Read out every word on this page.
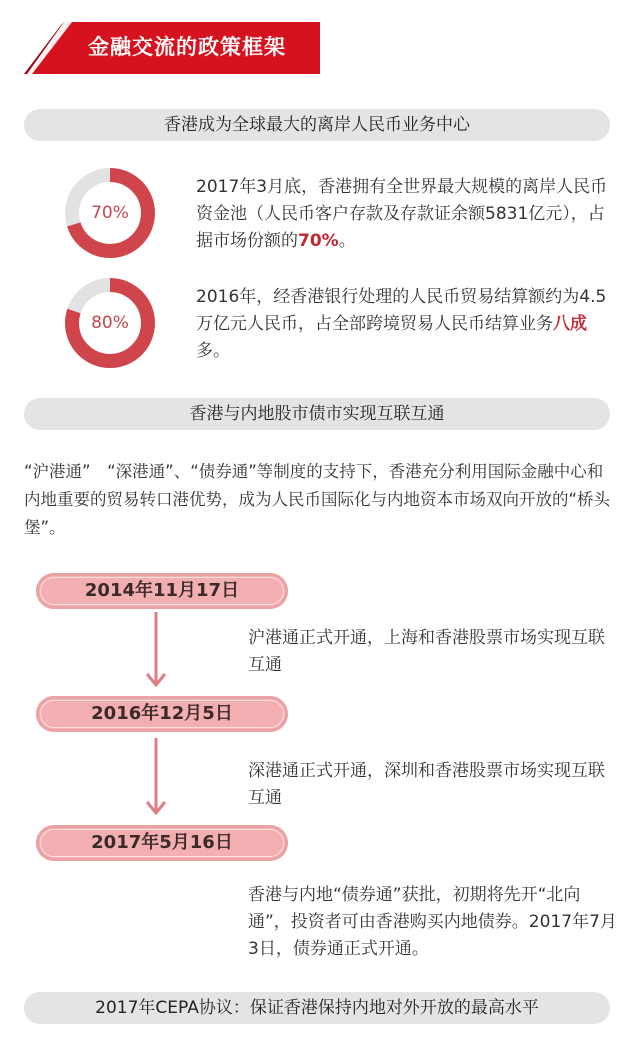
金融交流的政策框架
香港成为全球最大的离岸人民币业务中心
70%

2017年3月底，香港拥有全世界最大规模的离岸人民币资金池（人民币客户存款及存款证余额5831亿元），占据市场份额的70%。

80%

2016年，经香港银行处理的人民币贸易结算额约为4.5万亿元人民币，占全部跨境贸易人民币结算业务八成多。

香港与内地股市债市实现互联互通

“沪港通”　“深港通”、“债券通”等制度的支持下，香港充分利用国际金融中心和内地重要的贸易转口港优势，成为人民币国际化与内地资本市场双向开放的“桥头堡”。

2014年11月17日

沪港通正式开通，上海和香港股票市场实现互联互通

2016年12月5日

深港通正式开通，深圳和香港股票市场实现互联互通

2017年5月16日

香港与内地“债券通”获批，初期将先开“北向通”，投资者可由香港购买内地债券。2017年7月3日，债券通正式开通。

2017年CEPA协议：保证香港保持内地对外开放的最高水平
